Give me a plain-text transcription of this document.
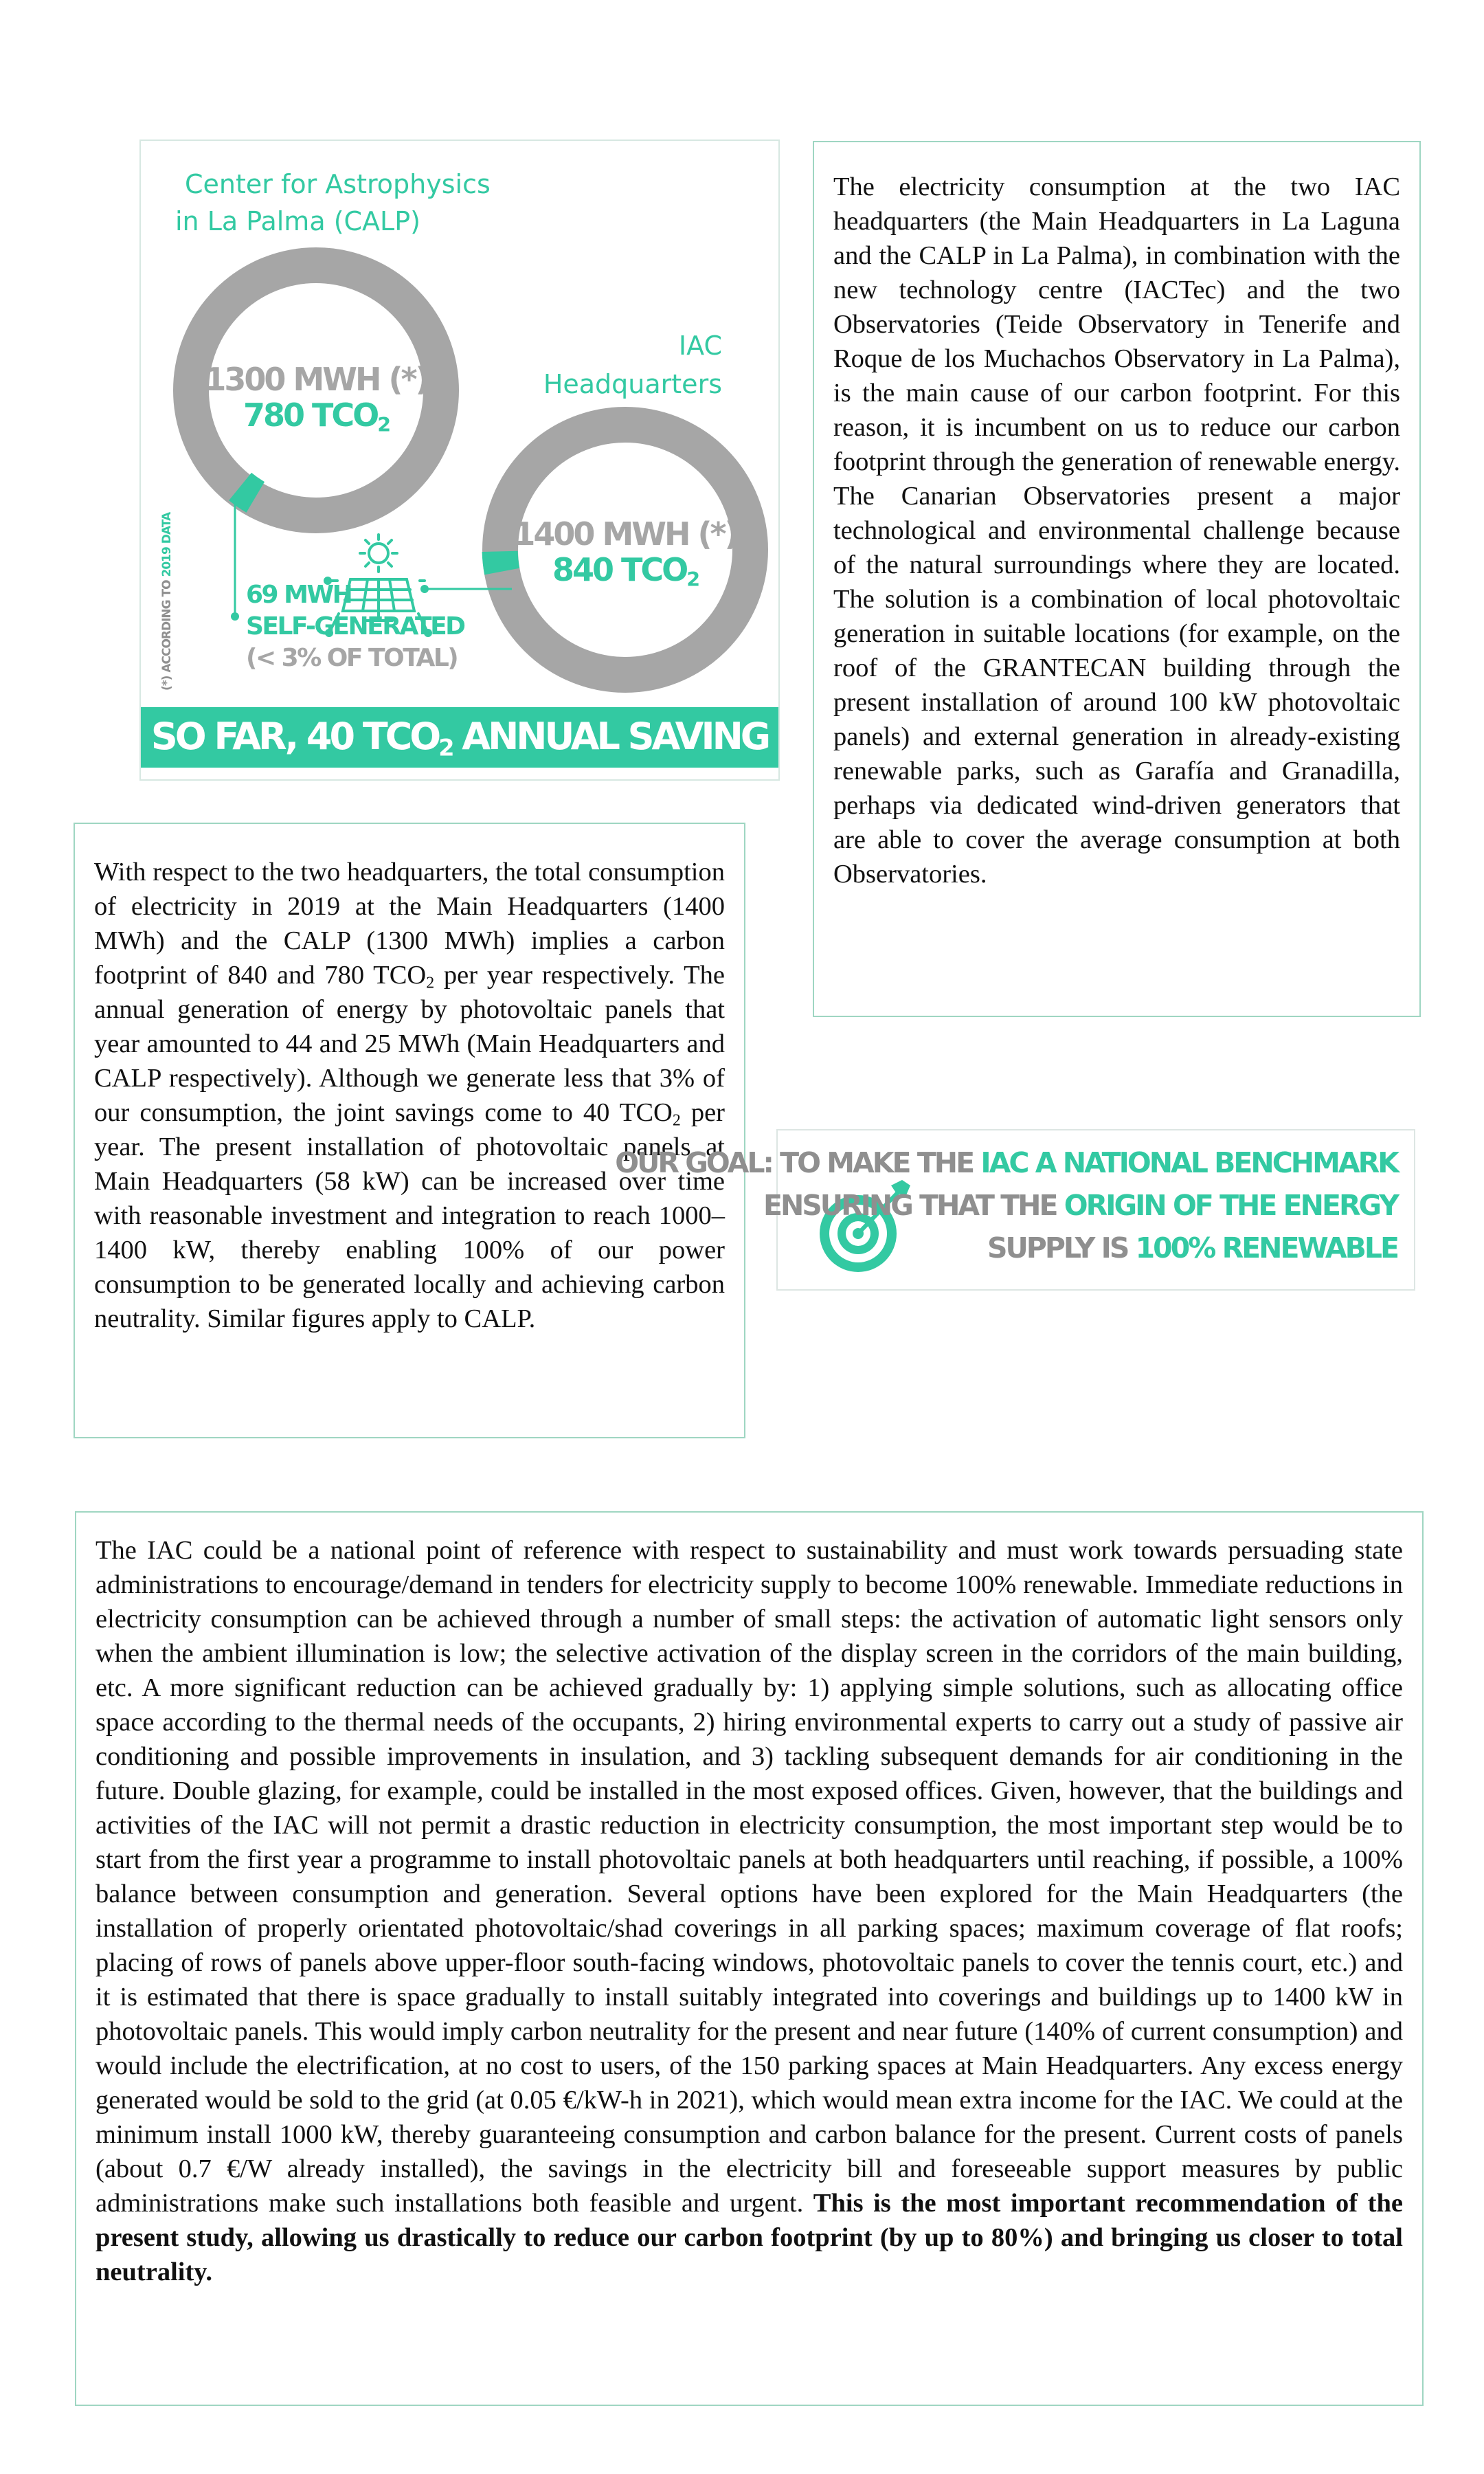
Center for Astrophysics
in La Palma (CALP)
1300 MWH (*)
780 $TCO_2$
IAC
Headquarters
1400 MWH (*)
840 $TCO_2$
69 MWH
SELF-GENERATED
(< 3% OF TOTAL)
(*) ACCORDING TO 2019 DATA
SO FAR, 40 $TCO_2$ ANNUAL SAVING

The electricity consumption at the two IAC headquarters (the Main Headquarters in La Laguna and the CALP in La Palma), in combination with the new technology centre (IACTec) and the two Observatories (Teide Observatory in Tenerife and Roque de los Muchachos Observatory in La Palma), is the main cause of our carbon footprint. For this reason, it is incumbent on us to reduce our carbon footprint through the generation of renewable energy. The Canarian Observatories present a major technological and environmental challenge because of the natural surroundings where they are located. The solution is a combination of local photovoltaic generation in suitable locations (for example, on the roof of the GRANTECAN building through the present installation of around 100 kW photovoltaic panels) and external generation in already-existing renewable parks, such as Garafía and Granadilla, perhaps via dedicated wind-driven generators that are able to cover the average consumption at both Observatories.

With respect to the two headquarters, the total consumption of electricity in 2019 at the Main Headquarters (1400 MWh) and the CALP (1300 MWh) implies a carbon footprint of 840 and 780 $TCO_2$ per year respectively. The annual generation of energy by photovoltaic panels that year amounted to 44 and 25 MWh (Main Headquarters and CALP respectively). Although we generate less that 3% of our consumption, the joint savings come to 40 $TCO_2$ per year. The present installation of photovoltaic panels at Main Headquarters (58 kW) can be increased over time with reasonable investment and integration to reach 1000–1400 kW, thereby enabling 100% of our power consumption to be generated locally and achieving carbon neutrality. Similar figures apply to CALP.

OUR GOAL: TO MAKE THE IAC A NATIONAL BENCHMARK
ENSURING THAT THE ORIGIN OF THE ENERGY
SUPPLY IS 100% RENEWABLE

The IAC could be a national point of reference with respect to sustainability and must work towards persuading state administrations to encourage/demand in tenders for electricity supply to become 100% renewable. Immediate reductions in electricity consumption can be achieved through a number of small steps: the activation of automatic light sensors only when the ambient illumination is low; the selective activation of the display screen in the corridors of the main building, etc. A more significant reduction can be achieved gradually by: 1) applying simple solutions, such as allocating office space according to the thermal needs of the occupants, 2) hiring environmental experts to carry out a study of passive air conditioning and possible improvements in insulation, and 3) tackling subsequent demands for air conditioning in the future. Double glazing, for example, could be installed in the most exposed offices. Given, however, that the buildings and activities of the IAC will not permit a drastic reduction in electricity consumption, the most important step would be to start from the first year a programme to install photovoltaic panels at both headquarters until reaching, if possible, a 100% balance between consumption and generation. Several options have been explored for the Main Headquarters (the installation of properly orientated photovoltaic/shad coverings in all parking spaces; maximum coverage of flat roofs; placing of rows of panels above upper-floor south-facing windows, photovoltaic panels to cover the tennis court, etc.) and it is estimated that there is space gradually to install suitably integrated into coverings and buildings up to 1400 kW in photovoltaic panels. This would imply carbon neutrality for the present and near future (140% of current consumption) and would include the electrification, at no cost to users, of the 150 parking spaces at Main Headquarters. Any excess energy generated would be sold to the grid (at 0.05 €/kW-h in 2021), which would mean extra income for the IAC. We could at the minimum install 1000 kW, thereby guaranteeing consumption and carbon balance for the present. Current costs of panels (about 0.7 €/W already installed), the savings in the electricity bill and foreseeable support measures by public administrations make such installations both feasible and urgent. This is the most important recommendation of the present study, allowing us drastically to reduce our carbon footprint (by up to 80%) and bringing us closer to total neutrality.
